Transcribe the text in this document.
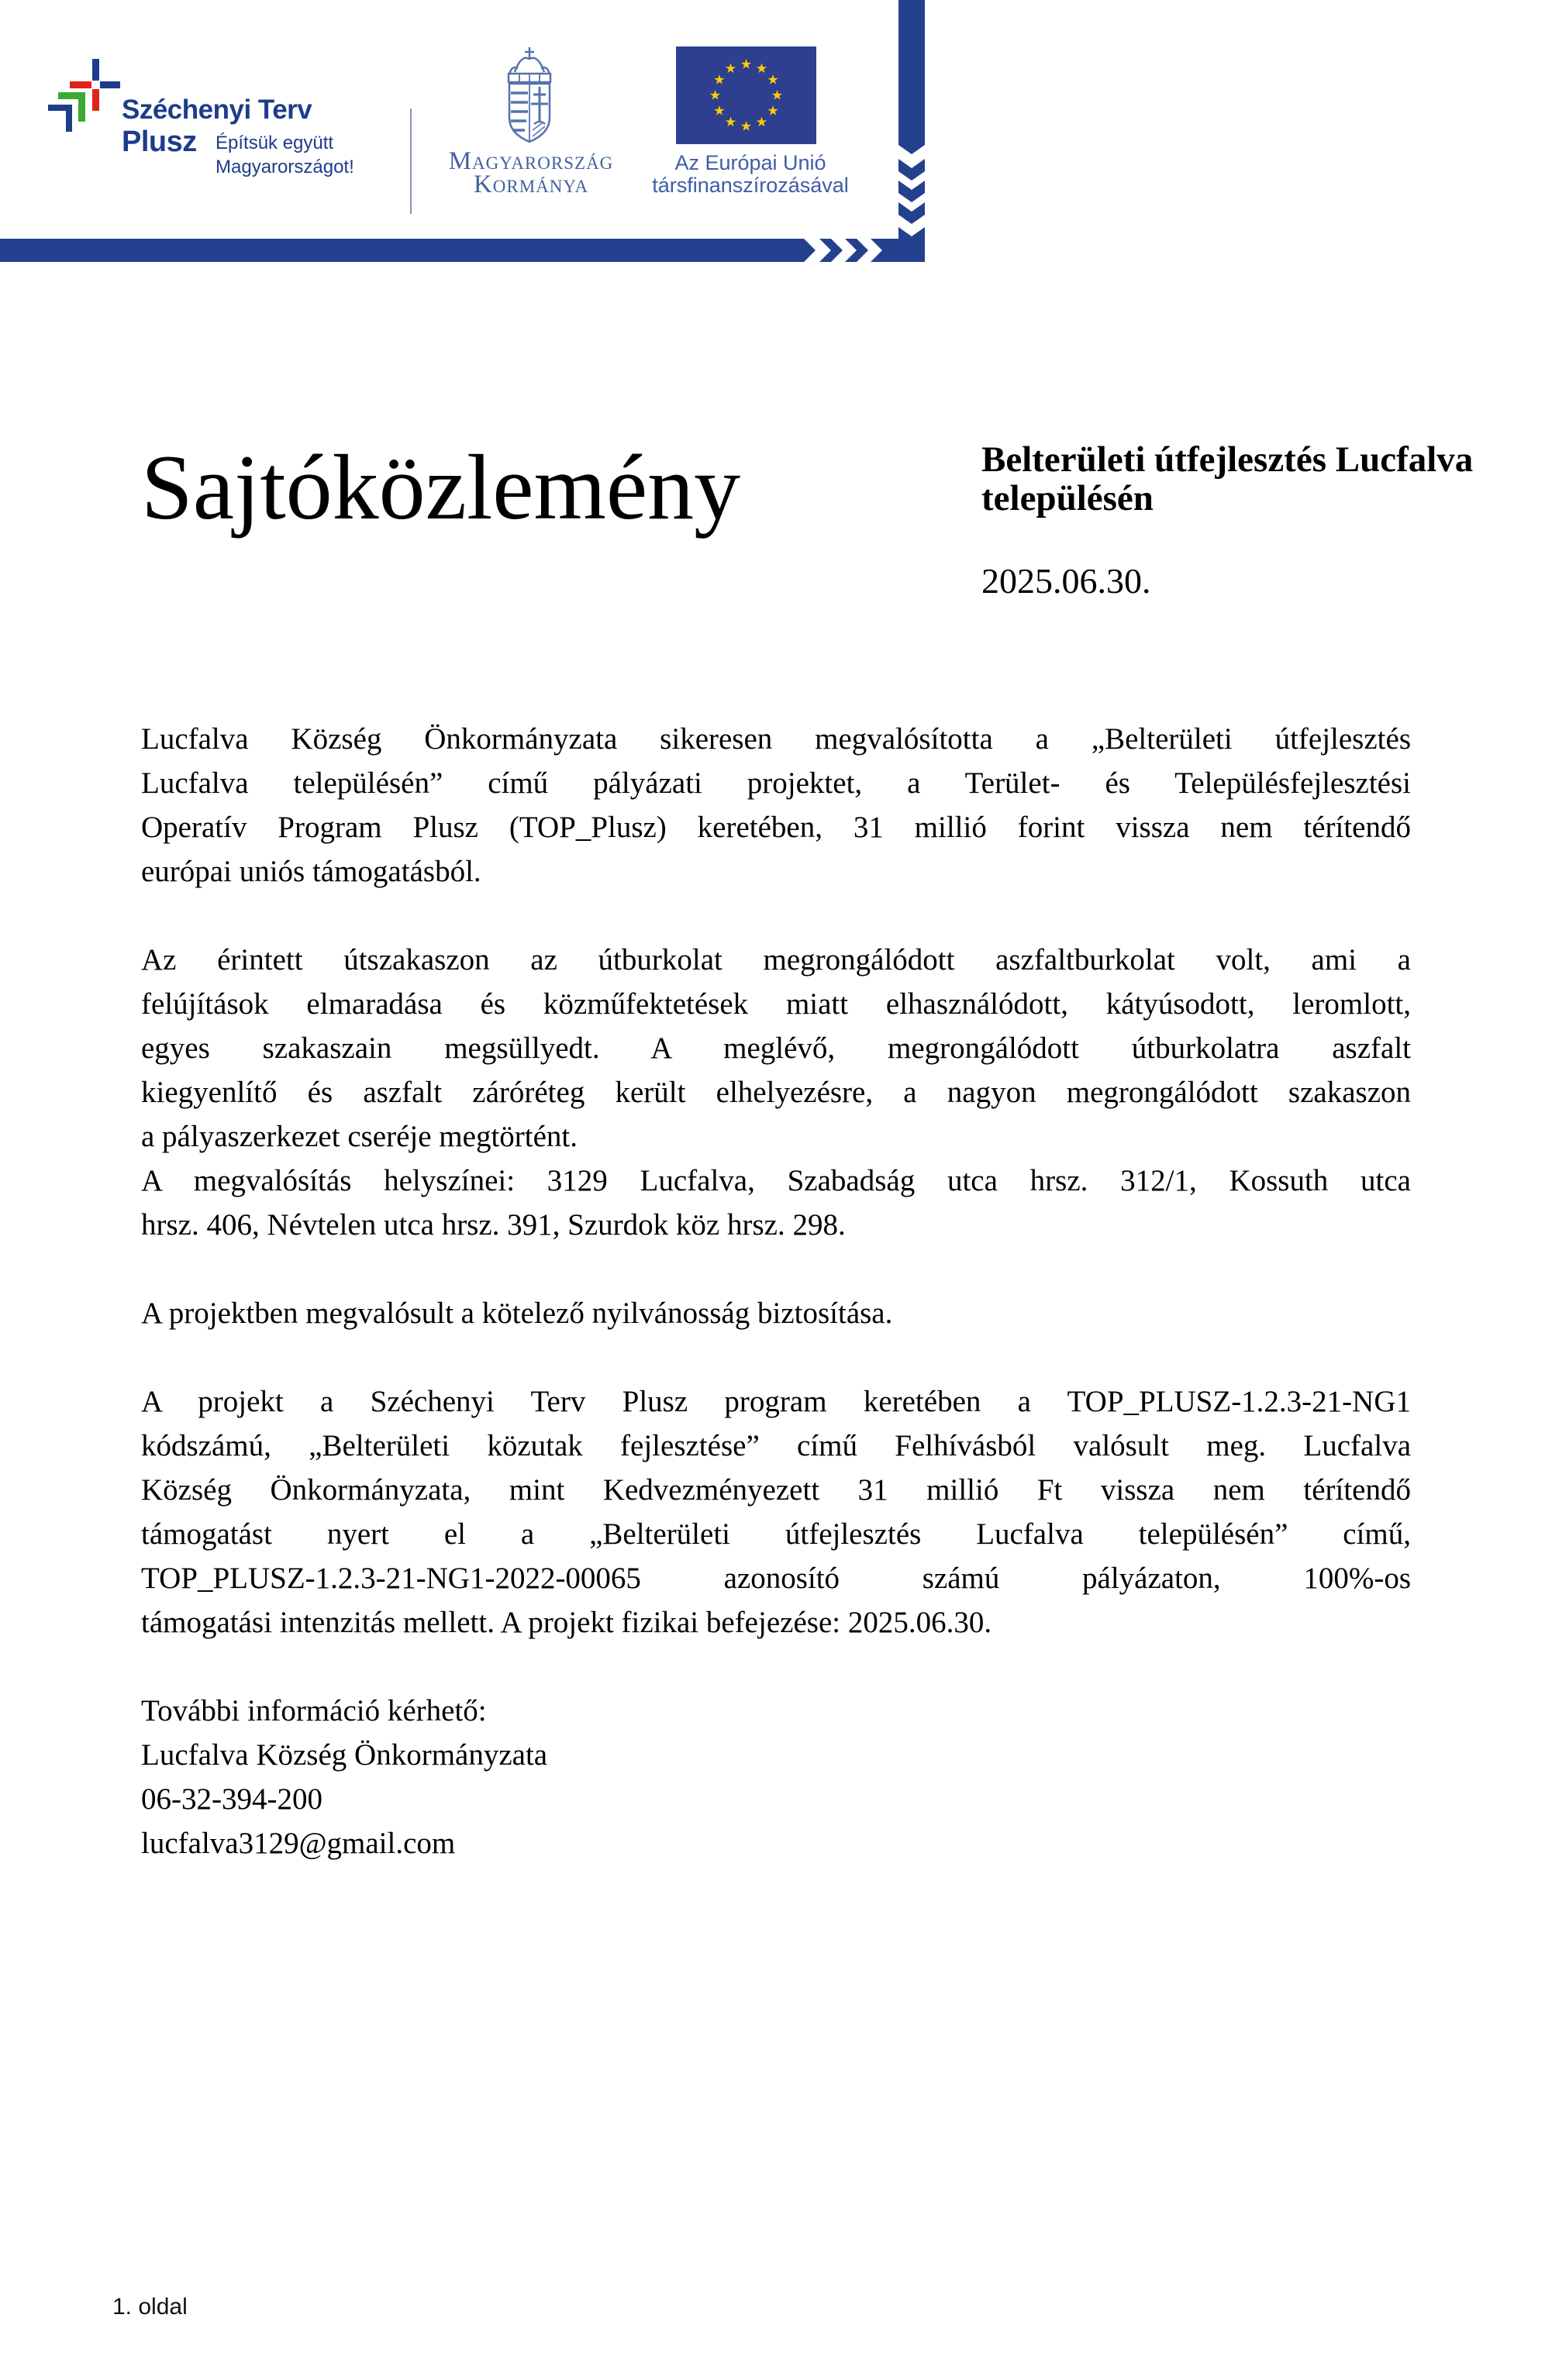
Széchenyi Terv
Plusz Építsük együtt
Magyarországot!	Magyarország
Kormánya
Az Európai Unió
társfinanszírozásával
Sajtóközlemény	Belterületi útfejlesztés Lucfalva településén
2025.06.30.
Lucfalva Község Önkormányzata sikeresen megvalósította a „Belterületi útfejlesztés
Lucfalva településén” című pályázati projektet, a Terület- és Településfejlesztési
Operatív Program Plusz (TOP_Plusz) keretében, 31 millió forint vissza nem térítendő
európai uniós támogatásból.
Az érintett útszakaszon az útburkolat megrongálódott aszfaltburkolat volt, ami a
felújítások elmaradása és közműfektetések miatt elhasználódott, kátyúsodott, leromlott,
egyes szakaszain megsüllyedt. A meglévő, megrongálódott útburkolatra aszfalt
kiegyenlítő és aszfalt záróréteg került elhelyezésre, a nagyon megrongálódott szakaszon
a pályaszerkezet cseréje megtörtént.
A megvalósítás helyszínei: 3129 Lucfalva, Szabadság utca hrsz. 312/1, Kossuth utca
hrsz. 406, Névtelen utca hrsz. 391, Szurdok köz hrsz. 298.
A projektben megvalósult a kötelező nyilvánosság biztosítása.
A projekt a Széchenyi Terv Plusz program keretében a TOP_PLUSZ-1.2.3-21-NG1
kódszámú, „Belterületi közutak fejlesztése” című Felhívásból valósult meg. Lucfalva
Község Önkormányzata, mint Kedvezményezett 31 millió Ft vissza nem térítendő
támogatást nyert el a „Belterületi útfejlesztés Lucfalva településén” című,
TOP_PLUSZ-1.2.3-21-NG1-2022-00065 azonosító számú pályázaton, 100%-os
támogatási intenzitás mellett. A projekt fizikai befejezése: 2025.06.30.
További információ kérhető:
Lucfalva Község Önkormányzata
06-32-394-200
lucfalva3129@gmail.com
1. oldal
